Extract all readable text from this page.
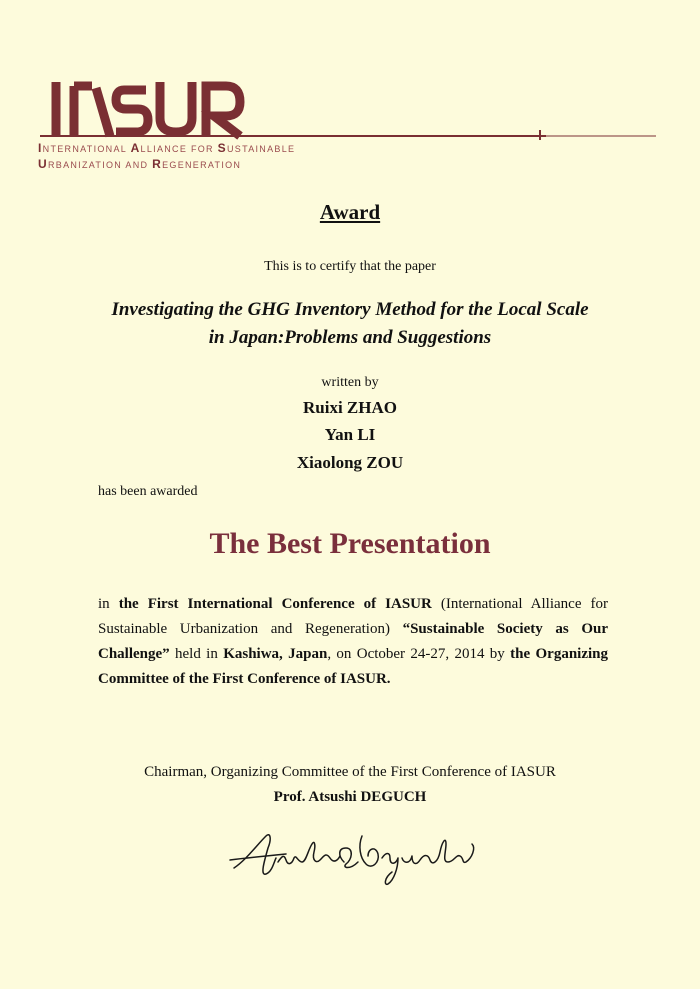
INTERNATIONAL ALLIANCE FOR SUSTAINABLE
URBANIZATION AND REGENERATION
Award
This is to certify that the paper
Investigating the GHG Inventory Method for the Local Scale
in Japan:Problems and Suggestions
written by
Ruixi ZHAO
Yan LI
Xiaolong ZOU
has been awarded
The Best Presentation
in the First International Conference of IASUR (International Alliance for Sustainable Urbanization and Regeneration) “Sustainable Society as Our Challenge” held in Kashiwa, Japan, on October 24-27, 2014 by the Organizing Committee of the First Conference of IASUR.
Chairman, Organizing Committee of the First Conference of IASUR
Prof. Atsushi DEGUCH
